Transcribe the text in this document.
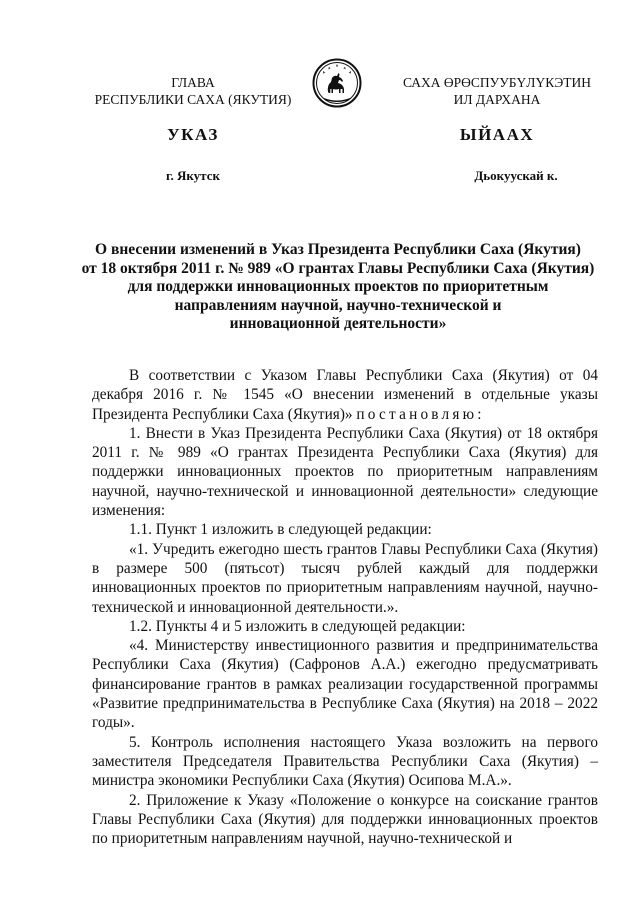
ГЛАВА
РЕСПУБЛИКИ САХА (ЯКУТИЯ)
САХА ӨРӨСПУУБҮЛҮКЭТИН
ИЛ ДАРХАНА
УКАЗ	ЫЙААХ
г. Якутск	Дьокуускай к.
О внесении изменений в Указ Президента Республики Саха (Якутия)
от 18 октября 2011 г. № 989 «О грантах Главы Республики Саха (Якутия)
для поддержки инновационных проектов по приоритетным
направлениям научной, научно-технической и
инновационной деятельности»

В соответствии с Указом Главы Республики Саха (Якутия) от 04 декабря 2016 г. № 1545 «О внесении изменений в отдельные указы Президента Республики Саха (Якутия)» постановляю:

1. Внести в Указ Президента Республики Саха (Якутия) от 18 октября 2011 г. № 989 «О грантах Президента Республики Саха (Якутия) для поддержки инновационных проектов по приоритетным направлениям научной, научно-технической и инновационной деятельности» следующие изменения:

1.1. Пункт 1 изложить в следующей редакции:

«1. Учредить ежегодно шесть грантов Главы Республики Саха (Якутия) в размере 500 (пятьсот) тысяч рублей каждый для поддержки инновационных проектов по приоритетным направлениям научной, научно-технической и инновационной деятельности.».

1.2. Пункты 4 и 5 изложить в следующей редакции:

«4. Министерству инвестиционного развития и предпринимательства Республики Саха (Якутия) (Сафронов А.А.) ежегодно предусматривать финансирование грантов в рамках реализации государственной программы «Развитие предпринимательства в Республике Саха (Якутия) на 2018 – 2022 годы».

5. Контроль исполнения настоящего Указа возложить на первого заместителя Председателя Правительства Республики Саха (Якутия) – министра экономики Республики Саха (Якутия) Осипова М.А.».

2. Приложение к Указу «Положение о конкурсе на соискание грантов Главы Республики Саха (Якутия) для поддержки инновационных проектов по приоритетным направлениям научной, научно-технической и
